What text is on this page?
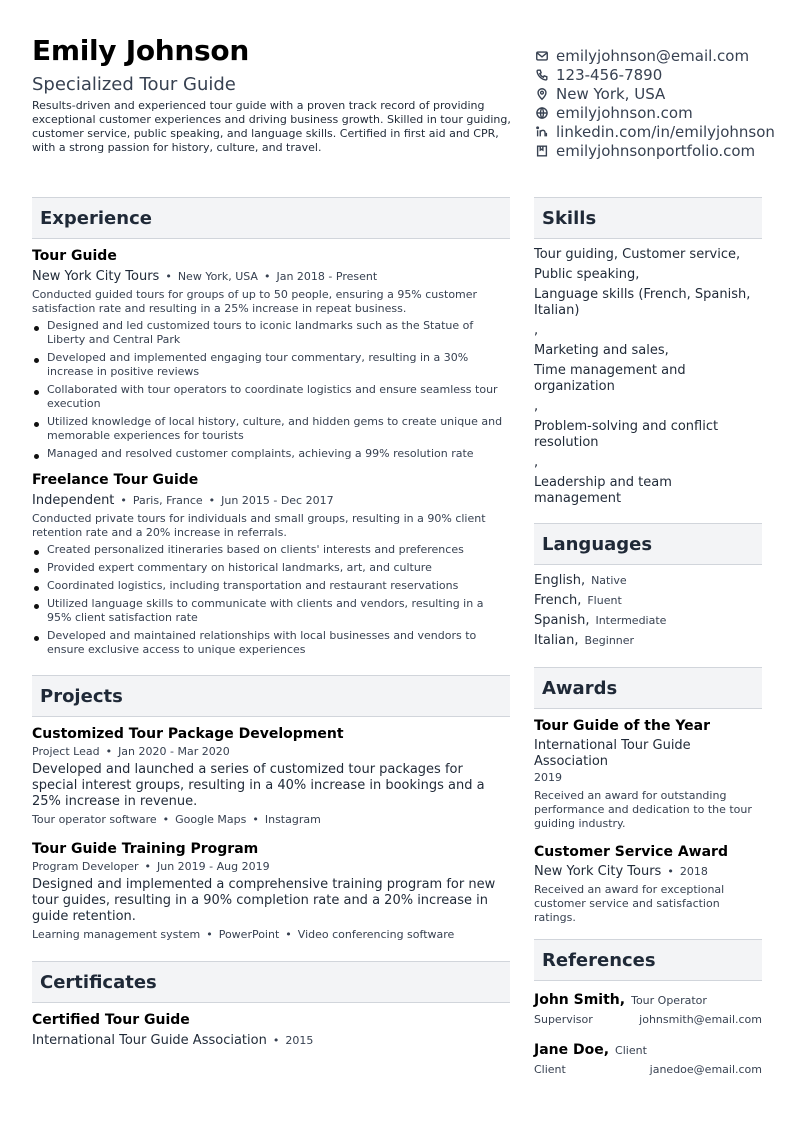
Emily Johnson
Specialized Tour Guide
Results-driven and experienced tour guide with a proven track record of providing exceptional customer experiences and driving business growth. Skilled in tour guiding, customer service, public speaking, and language skills. Certified in first aid and CPR, with a strong passion for history, culture, and travel.
emilyjohnson@email.com
123-456-7890
New York, USA
emilyjohnson.com
linkedin.com/in/emilyjohnson
emilyjohnsonportfolio.com
Experience
Tour Guide
New York City Tours • New York, USA • Jan 2018 - Present
Conducted guided tours for groups of up to 50 people, ensuring a 95% customer satisfaction rate and resulting in a 25% increase in repeat business.
Designed and led customized tours to iconic landmarks such as the Statue of Liberty and Central Park
Developed and implemented engaging tour commentary, resulting in a 30% increase in positive reviews
Collaborated with tour operators to coordinate logistics and ensure seamless tour execution
Utilized knowledge of local history, culture, and hidden gems to create unique and memorable experiences for tourists
Managed and resolved customer complaints, achieving a 99% resolution rate
Freelance Tour Guide
Independent • Paris, France • Jun 2015 - Dec 2017
Conducted private tours for individuals and small groups, resulting in a 90% client retention rate and a 20% increase in referrals.
Created personalized itineraries based on clients' interests and preferences
Provided expert commentary on historical landmarks, art, and culture
Coordinated logistics, including transportation and restaurant reservations
Utilized language skills to communicate with clients and vendors, resulting in a 95% client satisfaction rate
Developed and maintained relationships with local businesses and vendors to ensure exclusive access to unique experiences
Projects
Customized Tour Package Development
Project Lead • Jan 2020 - Mar 2020
Developed and launched a series of customized tour packages for special interest groups, resulting in a 40% increase in bookings and a 25% increase in revenue.
Tour operator software • Google Maps • Instagram
Tour Guide Training Program
Program Developer • Jun 2019 - Aug 2019
Designed and implemented a comprehensive training program for new tour guides, resulting in a 90% completion rate and a 20% increase in guide retention.
Learning management system • PowerPoint • Video conferencing software
Certificates
Certified Tour Guide
International Tour Guide Association • 2015
Skills
Tour guiding, Customer service,
Public speaking,
Language skills (French, Spanish, Italian)
,
Marketing and sales,
Time management and organization
,
Problem-solving and conflict resolution
,
Leadership and team management
Languages
English, Native
French, Fluent
Spanish, Intermediate
Italian, Beginner
Awards
Tour Guide of the Year
International Tour Guide Association
2019
Received an award for outstanding performance and dedication to the tour guiding industry.
Customer Service Award
New York City Tours • 2018
Received an award for exceptional customer service and satisfaction ratings.
References
John Smith, Tour Operator
Supervisor	johnsmith@email.com
Jane Doe, Client
Client	janedoe@email.com
